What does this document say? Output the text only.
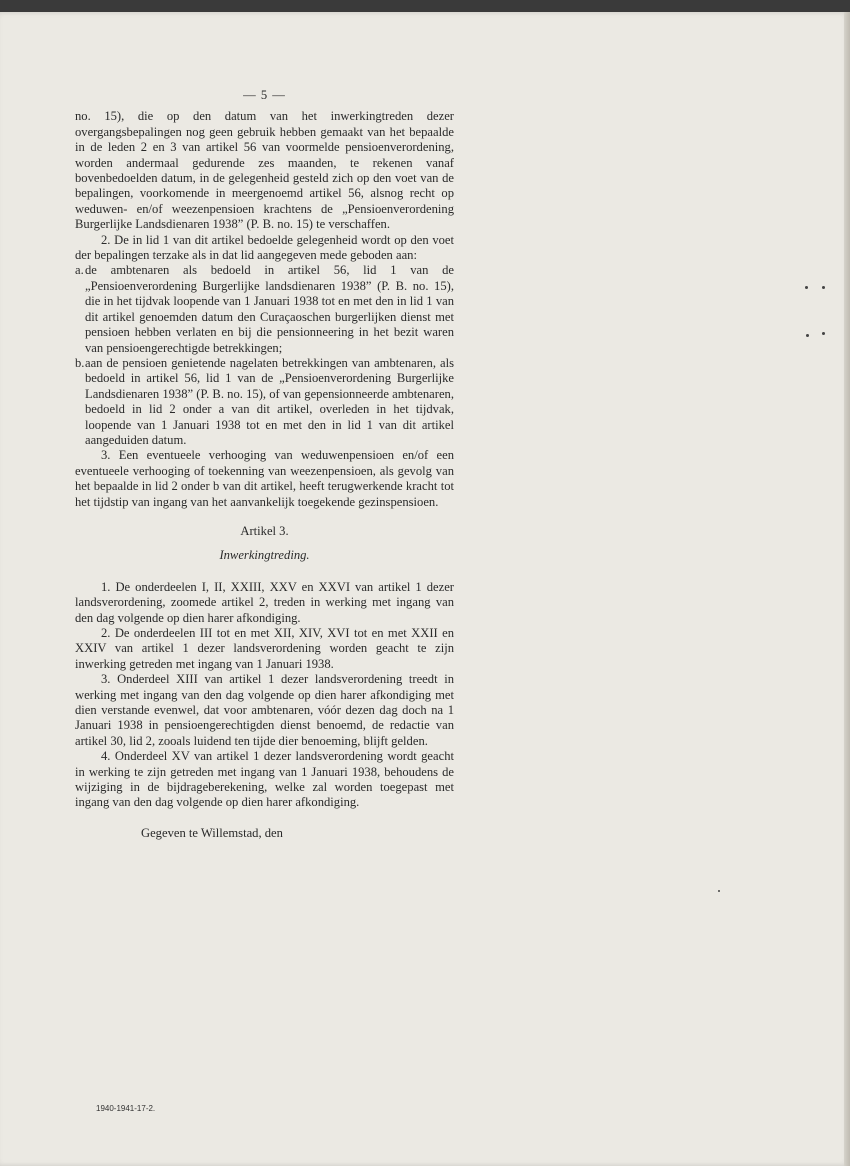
— 5 —

no. 15), die op den datum van het inwerkingtreden dezer overgangsbepalingen nog geen gebruik hebben gemaakt van het bepaalde in de leden 2 en 3 van artikel 56 van voormelde pensioenverordening, worden andermaal gedurende zes maanden, te rekenen vanaf bovenbedoelden datum, in de gelegenheid gesteld zich op den voet van de bepalingen, voorkomende in meergenoemd artikel 56, alsnog recht op weduwen- en/of weezenpensioen krachtens de „Pensioenverordening Burgerlijke Landsdienaren 1938” (P. B. no. 15) te verschaffen.

2. De in lid 1 van dit artikel bedoelde gelegenheid wordt op den voet der bepalingen terzake als in dat lid aangegeven mede geboden aan:

a. de ambtenaren als bedoeld in artikel 56, lid 1 van de „Pensioenverordening Burgerlijke landsdienaren 1938” (P. B. no. 15), die in het tijdvak loopende van 1 Januari 1938 tot en met den in lid 1 van dit artikel genoemden datum den Curaçaoschen burgerlijken dienst met pensioen hebben verlaten en bij die pensionneering in het bezit waren van pensioengerechtigde betrekkingen;
b. aan de pensioen genietende nagelaten betrekkingen van ambtenaren, als bedoeld in artikel 56, lid 1 van de „Pensioenverordening Burgerlijke Landsdienaren 1938” (P. B. no. 15), of van gepensionneerde ambtenaren, bedoeld in lid 2 onder a van dit artikel, overleden in het tijdvak, loopende van 1 Januari 1938 tot en met den in lid 1 van dit artikel aangeduiden datum.

3. Een eventueele verhooging van weduwenpensioen en/of een eventueele verhooging of toekenning van weezenpensioen, als gevolg van het bepaalde in lid 2 onder b van dit artikel, heeft terugwerkende kracht tot het tijdstip van ingang van het aanvankelijk toegekende gezinspensioen.

Artikel 3.
Inwerkingtreding.

1. De onderdeelen I, II, XXIII, XXV en XXVI van artikel 1 dezer landsverordening, zoomede artikel 2, treden in werking met ingang van den dag volgende op dien harer afkondiging.

2. De onderdeelen III tot en met XII, XIV, XVI tot en met XXII en XXIV van artikel 1 dezer landsverordening worden geacht te zijn inwerking getreden met ingang van 1 Januari 1938.

3. Onderdeel XIII van artikel 1 dezer landsverordening treedt in werking met ingang van den dag volgende op dien harer afkondiging met dien verstande evenwel, dat voor ambtenaren, vóór dezen dag doch na 1 Januari 1938 in pensioengerechtigden dienst benoemd, de redactie van artikel 30, lid 2, zooals luidend ten tijde dier benoeming, blijft gelden.

4. Onderdeel XV van artikel 1 dezer landsverordening wordt geacht in werking te zijn getreden met ingang van 1 Januari 1938, behoudens de wijziging in de bijdrageberekening, welke zal worden toegepast met ingang van den dag volgende op dien harer afkondiging.

Gegeven te Willemstad, den

1940-1941-17-2.
